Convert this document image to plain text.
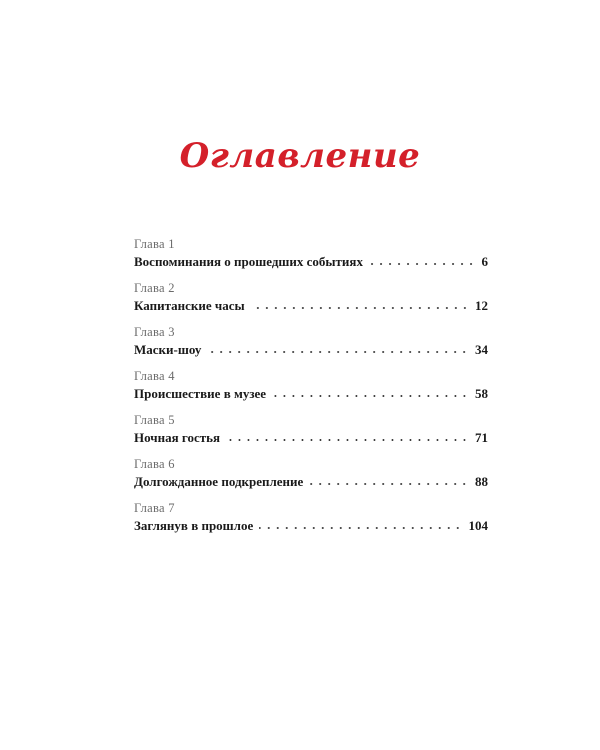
Оглавление
Глава 1
Воспоминания о прошедших событиях	6
Глава 2
Капитанские часы	12
Глава 3
Маски-шоу	34
Глава 4
Происшествие в музее	58
Глава 5
Ночная гостья	71
Глава 6
Долгожданное подкрепление	88
Глава 7
Заглянув в прошлое	104
